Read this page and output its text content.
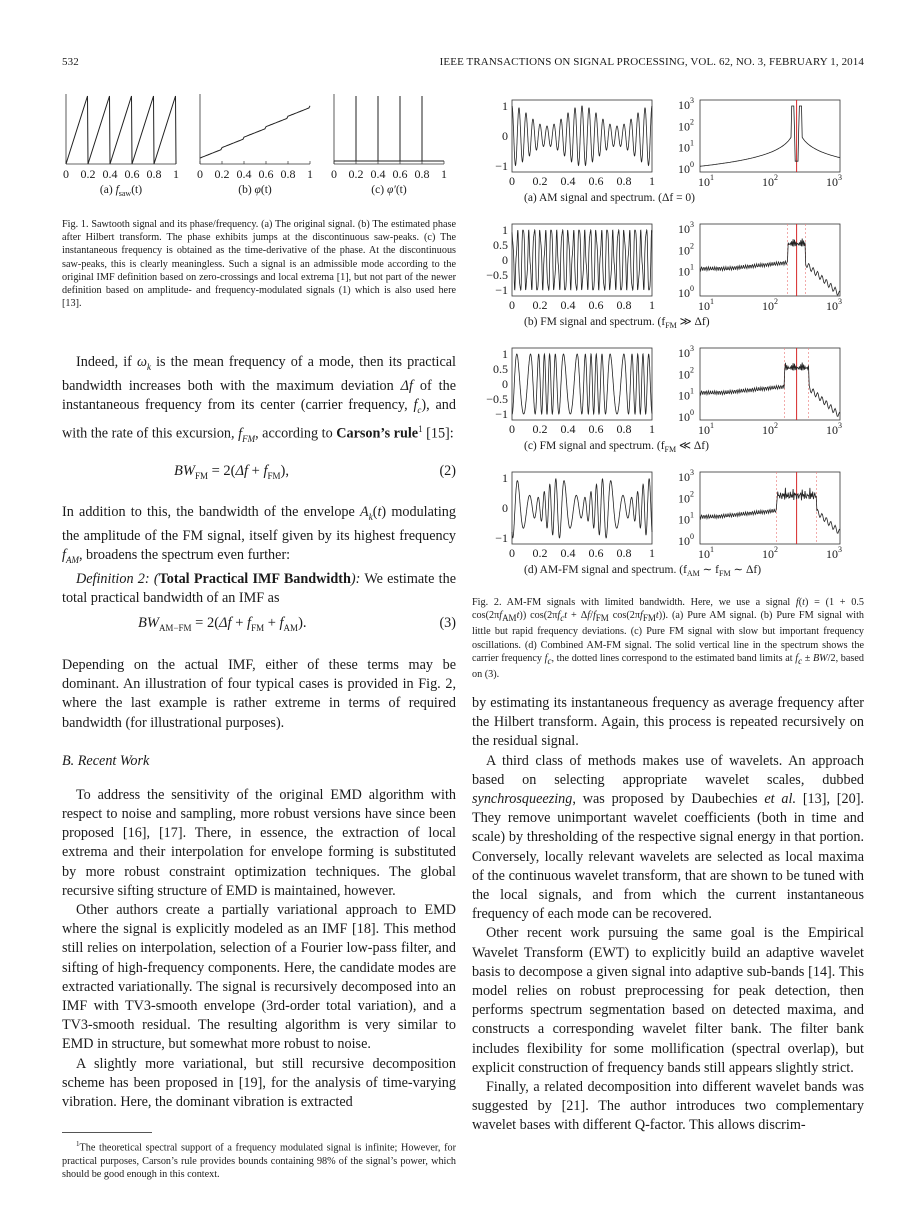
532	IEEE TRANSACTIONS ON SIGNAL PROCESSING, VOL. 62, NO. 3, FEBRUARY 1, 2014
0 0.2 0.4 0.6 0.8 1
(a) $f_{saw}(t)$
0 0.2 0.4 0.6 0.8 1
(b) φ(t)
0 0.2 0.4 0.6 0.8 1
(c) φ′(t)

Fig. 1. Sawtooth signal and its phase/frequency. (a) The original signal. (b) The estimated phase after Hilbert transform. The phase exhibits jumps at the discontinuous saw-peaks. (c) The instantaneous frequency is obtained as the time-derivative of the phase. At the discontinuous saw-peaks, this is clearly meaningless. Such a signal is an admissible mode according to the original IMF definition based on zero-crossings and local extrema [1], but not part of the newer definition based on amplitude- and frequency-modulated signals (1) which is also used here [13].

Indeed, if $\omega_k$ is the mean frequency of a mode, then its practical bandwidth increases both with the maximum deviation Δf of the instantaneous frequency from its center (carrier frequency, $f_c$), and with the rate of this excursion, $f_{FM}$, according to Carson’s rule$^1$ [15]:

$BW_{FM} = 2(\Delta f + f_{FM})$,	(2)

In addition to this, the bandwidth of the envelope $A_k(t)$ modulating the amplitude of the FM signal, itself given by its highest frequency $f_{AM}$, broadens the spectrum even further:

Definition 2: (Total Practical IMF Bandwidth): We estimate the total practical bandwidth of an IMF as

$BW_{AM-FM} = 2(\Delta f + f_{FM} + f_{AM})$.	(3)

Depending on the actual IMF, either of these terms may be dominant. An illustration of four typical cases is provided in Fig. 2, where the last example is rather extreme in terms of required bandwidth (for illustrational purposes).

B. Recent Work

To address the sensitivity of the original EMD algorithm with respect to noise and sampling, more robust versions have since been proposed [16], [17]. There, in essence, the extraction of local extrema and their interpolation for envelope forming is substituted by more robust constraint optimization techniques. The global recursive sifting structure of EMD is maintained, however.

Other authors create a partially variational approach to EMD where the signal is explicitly modeled as an IMF [18]. This method still relies on interpolation, selection of a Fourier low-pass filter, and sifting of high-frequency components. Here, the candidate modes are extracted variationally. The signal is recursively decomposed into an IMF with TV3-smooth envelope (3rd-order total variation), and a TV3-smooth residual. The resulting algorithm is very similar to EMD in structure, but somewhat more robust to noise.

A slightly more variational, but still recursive decomposition scheme has been proposed in [19], for the analysis of time-varying vibration. Here, the dominant vibration is extracted

$^1$The theoretical spectral support of a frequency modulated signal is infinite; However, for practical purposes, Carson’s rule provides bounds containing 98% of the signal’s power, which should be good enough in this context.

1
0
−1
0 0.2 0.4 0.6 0.8 1
$10^3$
$10^2$
$10^1$
$10^0$
$10^1$	$10^2$	$10^3$
(a) AM signal and spectrum. (Δf = 0)
1
0.5
0
−0.5
−1
0 0.2 0.4 0.6 0.8 1
$10^3$
$10^2$
$10^1$
$10^0$
$10^1$	$10^2$	$10^3$
(b) FM signal and spectrum. ($f_{FM}$ ≫ Δf)
1
0.5
0
−0.5
−1
0 0.2 0.4 0.6 0.8 1
$10^3$
$10^2$
$10^1$
$10^0$
$10^1$	$10^2$	$10^3$
(c) FM signal and spectrum. ($f_{FM}$ ≪ Δf)
1
0
−1
0 0.2 0.4 0.6 0.8 1
$10^3$
$10^2$
$10^1$
$10^0$
$10^1$	$10^2$	$10^3$
(d) AM-FM signal and spectrum. ($f_{AM}$ ∼ $f_{FM}$ ∼ Δf)

Fig. 2. AM-FM signals with limited bandwidth. Here, we use a signal f(t) = (1 + 0.5 $\cos(2\pi f_{AM}t)$) $\cos(2\pi f_ct + \Delta f/f_{FM}$ $\cos(2\pi f_{FM}t)$). (a) Pure AM signal. (b) Pure FM signal with little but rapid frequency deviations. (c) Pure FM signal with slow but important frequency oscillations. (d) Combined AM-FM signal. The solid vertical line in the spectrum shows the carrier frequency $f_c$, the dotted lines correspond to the estimated band limits at $f_c \pm BW/2$, based on (3).

by estimating its instantaneous frequency as average frequency after the Hilbert transform. Again, this process is repeated recursively on the residual signal.

A third class of methods makes use of wavelets. An approach based on selecting appropriate wavelet scales, dubbed synchrosqueezing, was proposed by Daubechies et al. [13], [20]. They remove unimportant wavelet coefficients (both in time and scale) by thresholding of the respective signal energy in that portion. Conversely, locally relevant wavelets are selected as local maxima of the continuous wavelet transform, that are shown to be tuned with the local signals, and from which the current instantaneous frequency of each mode can be recovered.

Other recent work pursuing the same goal is the Empirical Wavelet Transform (EWT) to explicitly build an adaptive wavelet basis to decompose a given signal into adaptive sub-bands [14]. This model relies on robust preprocessing for peak detection, then performs spectrum segmentation based on detected maxima, and constructs a corresponding wavelet filter bank. The filter bank includes flexibility for some mollification (spectral overlap), but explicit construction of frequency bands still appears slightly strict.

Finally, a related decomposition into different wavelet bands was suggested by [21]. The author introduces two complementary wavelet bases with different Q-factor. This allows discrim-
